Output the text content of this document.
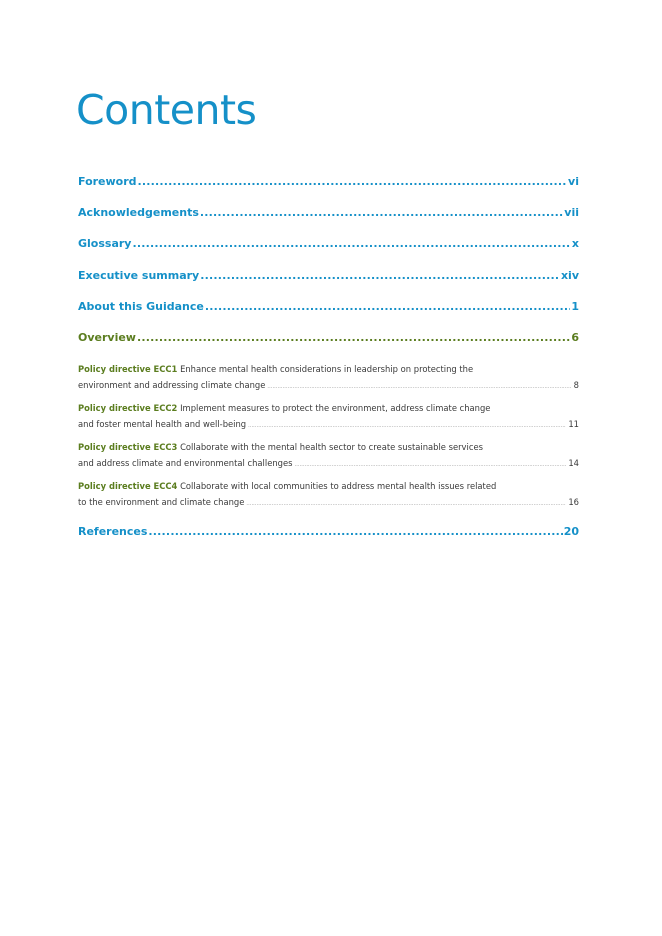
Contents
Foreword .....	vi
Acknowledgements .....	vii
Glossary .....	x
Executive summary .....	xiv
About this Guidance .....	1
Overview .....	6
Policy directive ECC1 Enhance mental health considerations in leadership on protecting the
environment and addressing climate change .....	8
Policy directive ECC2 Implement measures to protect the environment, address climate change
and foster mental health and well-being .....	11
Policy directive ECC3 Collaborate with the mental health sector to create sustainable services
and address climate and environmental challenges .....	14
Policy directive ECC4 Collaborate with local communities to address mental health issues related
to the environment and climate change .....	16
References .....	20
